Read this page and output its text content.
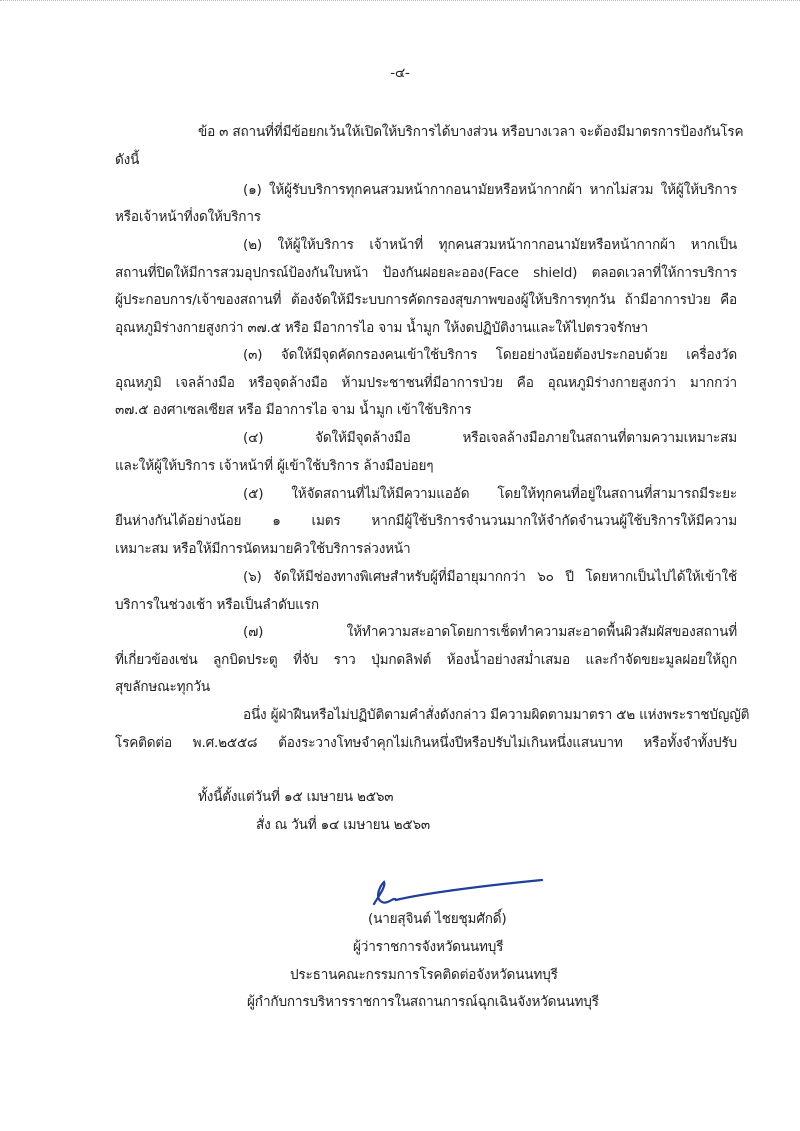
-๔-
ข้อ ๓ สถานที่ที่มีข้อยกเว้นให้เปิดให้บริการได้บางส่วน หรือบางเวลา จะต้องมีมาตรการป้องกันโรค
ดังนี้
(๑) ให้ผู้รับบริการทุกคนสวมหน้ากากอนามัยหรือหน้ากากผ้า หากไม่สวม ให้ผู้ให้บริการ
หรือเจ้าหน้าที่งดให้บริการ
(๒) ให้ผู้ให้บริการ เจ้าหน้าที่ ทุกคนสวมหน้ากากอนามัยหรือหน้ากากผ้า หากเป็น
สถานที่ปิดให้มีการสวมอุปกรณ์ป้องกันใบหน้า ป้องกันฝอยละออง(Face shield) ตลอดเวลาที่ให้การบริการ
ผู้ประกอบการ/เจ้าของสถานที่ ต้องจัดให้มีระบบการคัดกรองสุขภาพของผู้ให้บริการทุกวัน ถ้ามีอาการป่วย คือ
อุณหภูมิร่างกายสูงกว่า ๓๗.๕ หรือ มีอาการไอ จาม น้ำมูก ให้งดปฏิบัติงานและให้ไปตรวจรักษา
(๓) จัดให้มีจุดคัดกรองคนเข้าใช้บริการ โดยอย่างน้อยต้องประกอบด้วย เครื่องวัด
อุณหภูมิ เจลล้างมือ หรือจุดล้างมือ ห้ามประชาชนที่มีอาการป่วย คือ อุณหภูมิร่างกายสูงกว่า มากกว่า
๓๗.๕ องศาเซลเซียส หรือ มีอาการไอ จาม น้ำมูก เข้าใช้บริการ
(๔) จัดให้มีจุดล้างมือ หรือเจลล้างมือภายในสถานที่ตามความเหมาะสม
และให้ผู้ให้บริการ เจ้าหน้าที่ ผู้เข้าใช้บริการ ล้างมือบ่อยๆ
(๕) ให้จัดสถานที่ไม่ให้มีความแออัด โดยให้ทุกคนที่อยู่ในสถานที่สามารถมีระยะ
ยืนห่างกันได้อย่างน้อย ๑ เมตร หากมีผู้ใช้บริการจำนวนมากให้จำกัดจำนวนผู้ใช้บริการให้มีความ
เหมาะสม หรือให้มีการนัดหมายคิวใช้บริการล่วงหน้า
(๖) จัดให้มีช่องทางพิเศษสำหรับผู้ที่มีอายุมากกว่า ๖๐ ปี โดยหากเป็นไปได้ให้เข้าใช้
บริการในช่วงเช้า หรือเป็นลำดับแรก
(๗) ให้ทำความสะอาดโดยการเช็ดทำความสะอาดพื้นผิวสัมผัสของสถานที่
ที่เกี่ยวข้องเช่น ลูกบิดประตู ที่จับ ราว ปุ่มกดลิฟต์ ห้องน้ำอย่างสม่ำเสมอ และกำจัดขยะมูลฝอยให้ถูก
สุขลักษณะทุกวัน
อนึ่ง ผู้ฝ่าฝืนหรือไม่ปฏิบัติตามคำสั่งดังกล่าว มีความผิดตามมาตรา ๕๒ แห่งพระราชบัญญัติ
โรคติดต่อ พ.ศ.๒๕๕๘ ต้องระวางโทษจำคุกไม่เกินหนึ่งปีหรือปรับไม่เกินหนึ่งแสนบาท หรือทั้งจำทั้งปรับ
ทั้งนี้ตั้งแต่วันที่ ๑๕ เมษายน ๒๕๖๓
สั่ง ณ วันที่ ๑๔ เมษายน ๒๕๖๓
(นายสุจินต์ ไชยชุมศักดิ์)
ผู้ว่าราชการจังหวัดนนทบุรี
ประธานคณะกรรมการโรคติดต่อจังหวัดนนทบุรี
ผู้กำกับการบริหารราชการในสถานการณ์ฉุกเฉินจังหวัดนนทบุรี
